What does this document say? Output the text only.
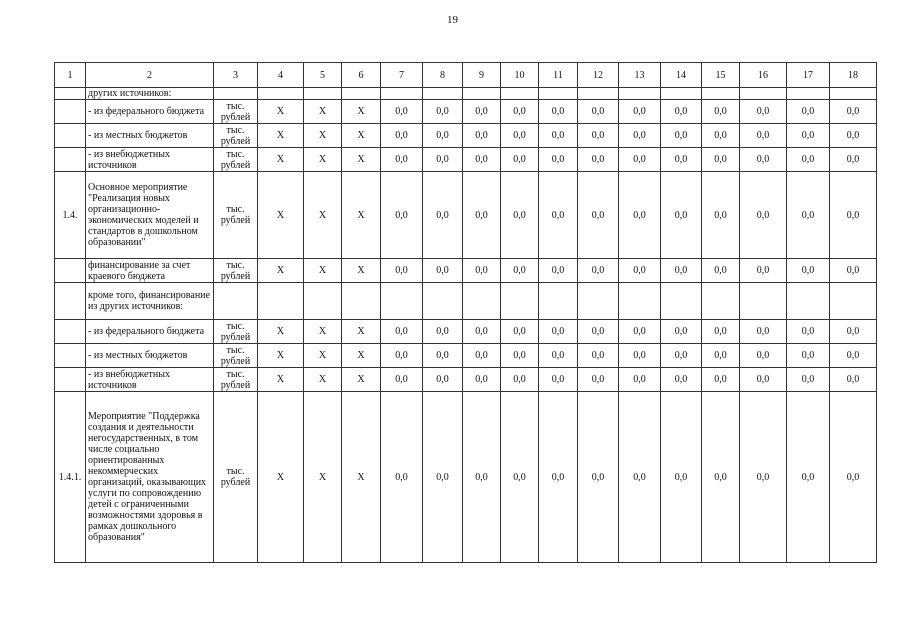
19
1	2	3	4	5	6	7	8	9	10	11	12	13	14	15	16	17	18
	других источников:																
	- из федерального бюджета	тыс. рублей	Х	Х	Х	0,0	0,0	0,0	0,0	0,0	0,0	0,0	0,0	0,0	0,0	0,0	0,0
	- из местных бюджетов	тыс. рублей	Х	Х	Х	0,0	0,0	0,0	0,0	0,0	0,0	0,0	0,0	0,0	0,0	0,0	0,0
	- из внебюджетных источников	тыс. рублей	Х	Х	Х	0,0	0,0	0,0	0,0	0,0	0,0	0,0	0,0	0,0	0,0	0,0	0,0
1.4.	Основное мероприятие "Реализация новых организационно-экономических моделей и стандартов в дошкольном образовании"	тыс. рублей	Х	Х	Х	0,0	0,0	0,0	0,0	0,0	0,0	0,0	0,0	0,0	0,0	0,0	0,0
	финансирование за счет краевого бюджета	тыс. рублей	Х	Х	Х	0,0	0,0	0,0	0,0	0,0	0,0	0,0	0,0	0,0	0,0	0,0	0,0
	кроме того, финансирование из других источников:																
	- из федерального бюджета	тыс. рублей	Х	Х	Х	0,0	0,0	0,0	0,0	0,0	0,0	0,0	0,0	0,0	0,0	0,0	0,0
	- из местных бюджетов	тыс. рублей	Х	Х	Х	0,0	0,0	0,0	0,0	0,0	0,0	0,0	0,0	0,0	0,0	0,0	0,0
	- из внебюджетных источников	тыс. рублей	Х	Х	Х	0,0	0,0	0,0	0,0	0,0	0,0	0,0	0,0	0,0	0,0	0,0	0,0
1.4.1.	Мероприятие "Поддержка создания и деятельности негосударственных, в том числе социально ориентированных некоммерческих организаций, оказывающих услуги по сопровождению детей с ограниченными возможностями здоровья в рамках дошкольного образования"	тыс. рублей	Х	Х	Х	0,0	0,0	0,0	0,0	0,0	0,0	0,0	0,0	0,0	0,0	0,0	0,0
